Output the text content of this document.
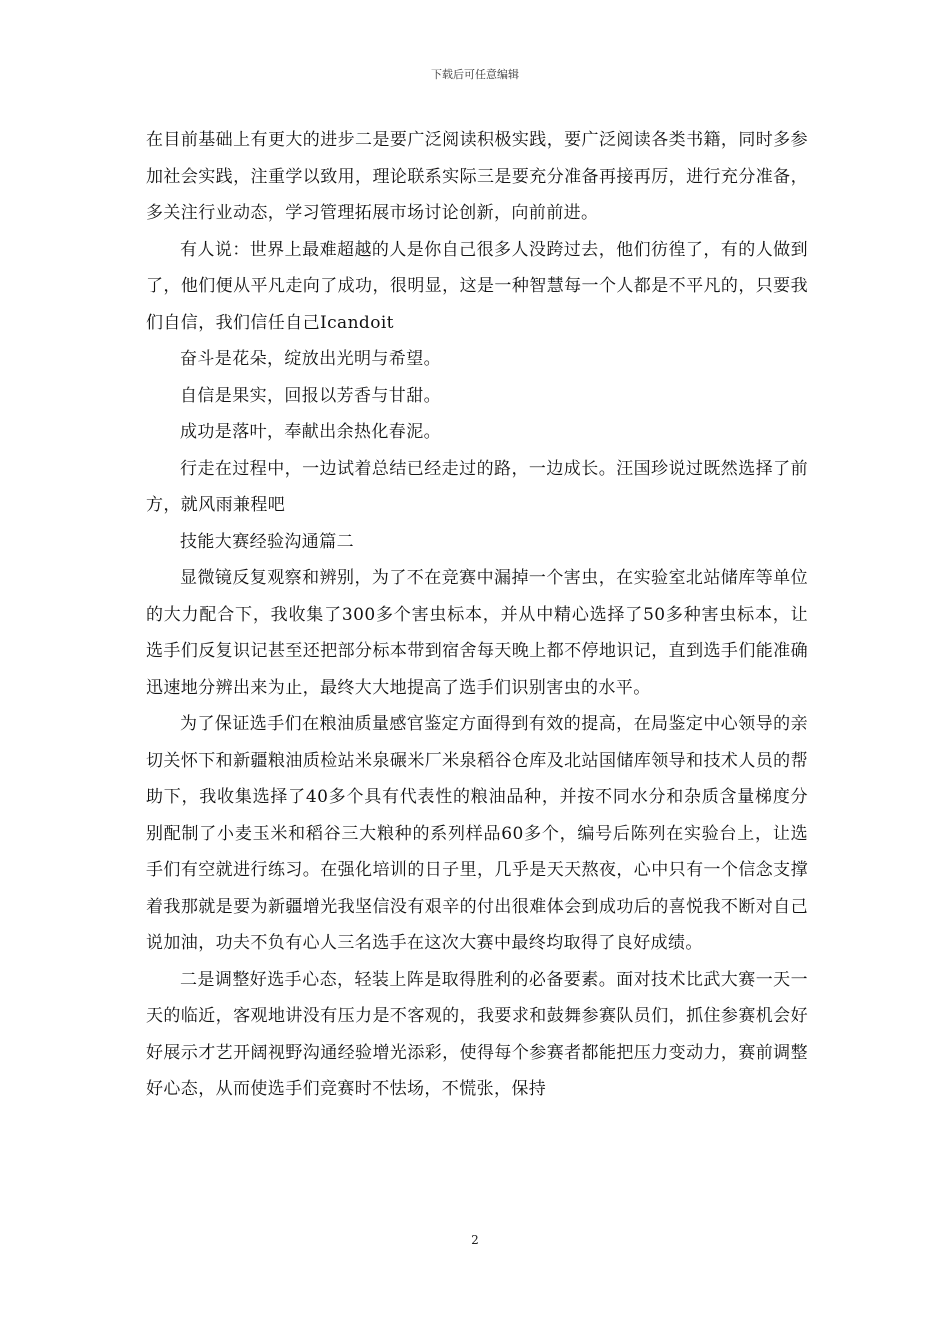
下载后可任意编辑

在目前基础上有更大的进步二是要广泛阅读积极实践，要广泛阅读各类书籍，同时多参加社会实践，注重学以致用，理论联系实际三是要充分准备再接再厉，进行充分准备，多关注行业动态，学习管理拓展市场讨论创新，向前前进。

有人说：世界上最难超越的人是你自己很多人没跨过去，他们彷徨了，有的人做到了，他们便从平凡走向了成功，很明显，这是一种智慧每一个人都是不平凡的，只要我们自信，我们信任自己Icandoit

奋斗是花朵，绽放出光明与希望。

自信是果实，回报以芳香与甘甜。

成功是落叶，奉献出余热化春泥。

行走在过程中，一边试着总结已经走过的路，一边成长。汪国珍说过既然选择了前方，就风雨兼程吧

技能大赛经验沟通篇二

显微镜反复观察和辨别，为了不在竞赛中漏掉一个害虫，在实验室北站储库等单位的大力配合下，我收集了300多个害虫标本，并从中精心选择了50多种害虫标本，让选手们反复识记甚至还把部分标本带到宿舍每天晚上都不停地识记，直到选手们能准确迅速地分辨出来为止，最终大大地提高了选手们识别害虫的水平。

为了保证选手们在粮油质量感官鉴定方面得到有效的提高，在局鉴定中心领导的亲切关怀下和新疆粮油质检站米泉碾米厂米泉稻谷仓库及北站国储库领导和技术人员的帮助下，我收集选择了40多个具有代表性的粮油品种，并按不同水分和杂质含量梯度分别配制了小麦玉米和稻谷三大粮种的系列样品60多个，编号后陈列在实验台上，让选手们有空就进行练习。在强化培训的日子里，几乎是天天熬夜，心中只有一个信念支撑着我那就是要为新疆增光我坚信没有艰辛的付出很难体会到成功后的喜悦我不断对自己说加油，功夫不负有心人三名选手在这次大赛中最终均取得了良好成绩。

二是调整好选手心态，轻装上阵是取得胜利的必备要素。面对技术比武大赛一天一天的临近，客观地讲没有压力是不客观的，我要求和鼓舞参赛队员们，抓住参赛机会好好展示才艺开阔视野沟通经验增光添彩，使得每个参赛者都能把压力变动力，赛前调整好心态，从而使选手们竞赛时不怯场，不慌张，保持

2
